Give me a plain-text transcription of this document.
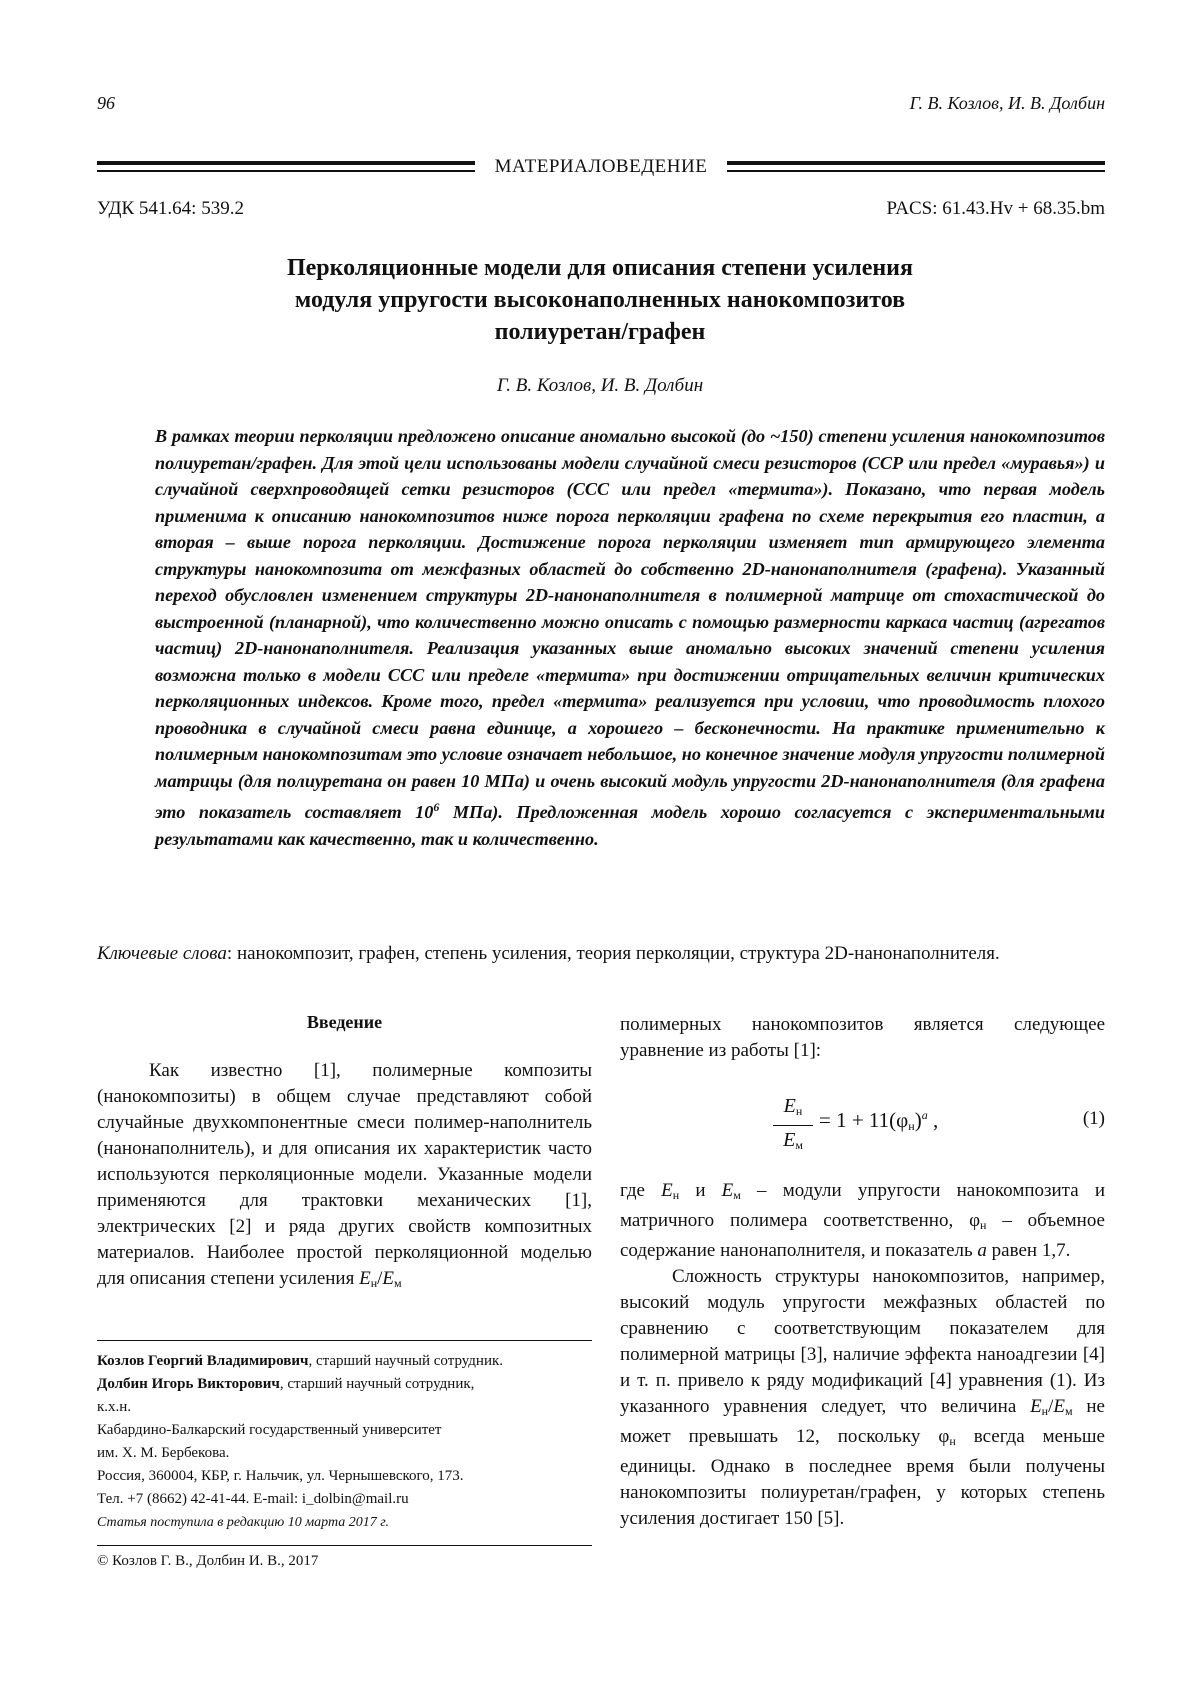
96	Г. В. Козлов, И. В. Долбин
МАТЕРИАЛОВЕДЕНИЕ
УДК 541.64: 539.2	PACS: 61.43.Hv + 68.35.bm
Перколяционные модели для описания степени усиления
модуля упругости высоконаполненных нанокомпозитов
полиуретан/графен
Г. В. Козлов, И. В. Долбин

В рамках теории перколяции предложено описание аномально высокой (до ~150) степени усиления нанокомпозитов полиуретан/графен. Для этой цели использованы модели случайной смеси резисторов (ССР или предел «муравья») и случайной сверхпроводящей сетки резисторов (ССС или предел «термита»). Показано, что первая модель применима к описанию нанокомпозитов ниже порога перколяции графена по схеме перекрытия его пластин, а вторая – выше порога перколяции. Достижение порога перколяции изменяет тип армирующего элемента структуры нанокомпозита от межфазных областей до собственно 2D-нанонаполнителя (графена). Указанный переход обусловлен изменением структуры 2D-нанонаполнителя в полимерной матрице от стохастической до выстроенной (планарной), что количественно можно описать с помощью размерности каркаса частиц (агрегатов частиц) 2D-нанонаполнителя. Реализация указанных выше аномально высоких значений степени усиления возможна только в модели ССС или пределе «термита» при достижении отрицательных величин критических перколяционных индексов. Кроме того, предел «термита» реализуется при условии, что проводимость плохого проводника в случайной смеси равна единице, а хорошего – бесконечности. На практике применительно к полимерным нанокомпозитам это условие означает небольшое, но конечное значение модуля упругости полимерной матрицы (для полиуретана он равен 10 МПа) и очень высокий модуль упругости 2D-нанонаполнителя (для графена это показатель составляет $10^6$ МПа). Предложенная модель хорошо согласуется с экспериментальными результатами как качественно, так и количественно.

Ключевые слова: нанокомпозит, графен, степень усиления, теория перколяции, структура 2D-нанонаполнителя.
Введение

Как известно [1], полимерные композиты (нанокомпозиты) в общем случае представляют собой случайные двухкомпонентные смеси полимер-наполнитель (нанонаполнитель), и для описания их характеристик часто используются перколяционные модели. Указанные модели применяются для трактовки механических [1], электрических [2] и ряда других свойств композитных материалов. Наиболее простой перколяционной моделью для описания степени усиления $E_н/E_м$

полимерных нанокомпозитов является следующее уравнение из работы [1]:

$E_н$
$E_м$
= $1 + 11(\varphi_н)^a$ ,	(1)

где $E_н$ и $E_м$ – модули упругости нанокомпозита и матричного полимера соответственно, $\varphi_н$ – объемное содержание нанонаполнителя, и показатель a равен 1,7.

Сложность структуры нанокомпозитов, например, высокий модуль упругости межфазных областей по сравнению с соответствующим показателем для полимерной матрицы [3], наличие эффекта наноадгезии [4] и т. п. привело к ряду модификаций [4] уравнения (1). Из указанного уравнения следует, что величина $E_н/E_м$ не может превышать 12, поскольку $\varphi_н$ всегда меньше единицы. Однако в последнее время были получены нанокомпозиты полиуретан/графен, у которых степень усиления достигает 150 [5].

Козлов Георгий Владимирович, старший научный сотрудник.
Долбин Игорь Викторович, старший научный сотрудник,
к.х.н.
Кабардино-Балкарский государственный университет
им. Х. М. Бербекова.
Россия, 360004, КБР, г. Нальчик, ул. Чернышевского, 173.
Тел. +7 (8662) 42-41-44. E-mail: i_dolbin@mail.ru
Статья поступила в редакцию 10 марта 2017 г.
© Козлов Г. В., Долбин И. В., 2017
